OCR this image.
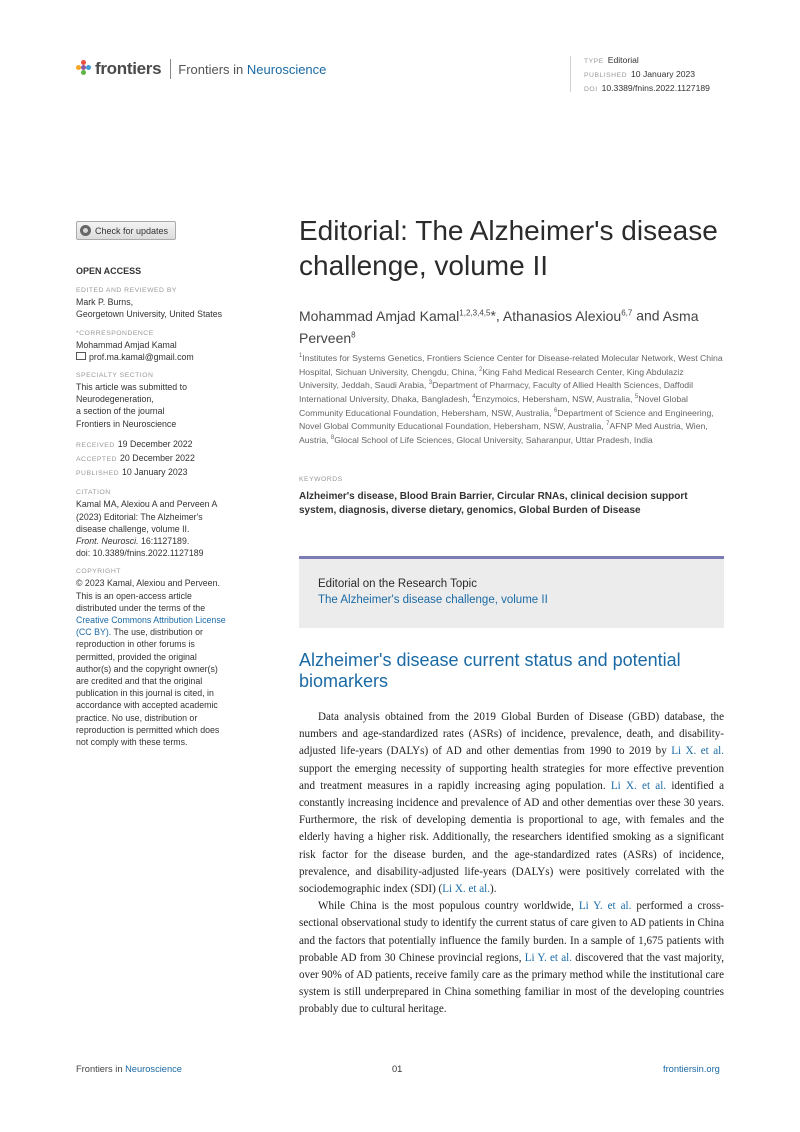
frontiers Frontiers in Neuroscience	TYPE Editorial
PUBLISHED 10 January 2023
DOI 10.3389/fnins.2022.1127189
Check for updates
OPEN ACCESS
EDITED AND REVIEWED BY
Mark P. Burns,
Georgetown University, United States
*CORRESPONDENCE
Mohammad Amjad Kamal
prof.ma.kamal@gmail.com
SPECIALTY SECTION
This article was submitted to
Neurodegeneration,
a section of the journal
Frontiers in Neuroscience
RECEIVED 19 December 2022
ACCEPTED 20 December 2022
PUBLISHED 10 January 2023
CITATION
Kamal MA, Alexiou A and Perveen A
(2023) Editorial: The Alzheimer's
disease challenge, volume II.
Front. Neurosci. 16:1127189.
doi: 10.3389/fnins.2022.1127189
COPYRIGHT
© 2023 Kamal, Alexiou and Perveen.
This is an open-access article
distributed under the terms of the
Creative Commons Attribution License
(CC BY). The use, distribution or
reproduction in other forums is
permitted, provided the original
author(s) and the copyright owner(s)
are credited and that the original
publication in this journal is cited, in
accordance with accepted academic
practice. No use, distribution or
reproduction is permitted which does
not comply with these terms.
Editorial: The Alzheimer's disease challenge, volume II
Mohammad Amjad Kamal$^{1,2,3,4,5}$*, Athanasios Alexiou$^{6,7}$ and Asma Perveen$^8$
$^1$Institutes for Systems Genetics, Frontiers Science Center for Disease-related Molecular Network, West China Hospital, Sichuan University, Chengdu, China, $^2$King Fahd Medical Research Center, King Abdulaziz University, Jeddah, Saudi Arabia, $^3$Department of Pharmacy, Faculty of Allied Health Sciences, Daffodil International University, Dhaka, Bangladesh, $^4$Enzymoics, Hebersham, NSW, Australia, $^5$Novel Global Community Educational Foundation, Hebersham, NSW, Australia, $^6$Department of Science and Engineering, Novel Global Community Educational Foundation, Hebersham, NSW, Australia, $^7$AFNP Med Austria, Wien, Austria, $^8$Glocal School of Life Sciences, Glocal University, Saharanpur, Uttar Pradesh, India
KEYWORDS
Alzheimer's disease, Blood Brain Barrier, Circular RNAs, clinical decision support system, diagnosis, diverse dietary, genomics, Global Burden of Disease
Editorial on the Research Topic
The Alzheimer's disease challenge, volume II
Alzheimer's disease current status and potential biomarkers

Data analysis obtained from the 2019 Global Burden of Disease (GBD) database, the numbers and age-standardized rates (ASRs) of incidence, prevalence, death, and disability-adjusted life-years (DALYs) of AD and other dementias from 1990 to 2019 by Li X. et al. support the emerging necessity of supporting health strategies for more effective prevention and treatment measures in a rapidly increasing aging population. Li X. et al. identified a constantly increasing incidence and prevalence of AD and other dementias over these 30 years. Furthermore, the risk of developing dementia is proportional to age, with females and the elderly having a higher risk. Additionally, the researchers identified smoking as a significant risk factor for the disease burden, and the age-standardized rates (ASRs) of incidence, prevalence, and disability-adjusted life-years (DALYs) were positively correlated with the sociodemographic index (SDI) (Li X. et al.).

While China is the most populous country worldwide, Li Y. et al. performed a cross-sectional observational study to identify the current status of care given to AD patients in China and the factors that potentially influence the family burden. In a sample of 1,675 patients with probable AD from 30 Chinese provincial regions, Li Y. et al. discovered that the vast majority, over 90% of AD patients, receive family care as the primary method while the institutional care system is still underprepared in China something familiar in most of the developing countries probably due to cultural heritage.

Frontiers in Neuroscience	01	frontiersin.org
